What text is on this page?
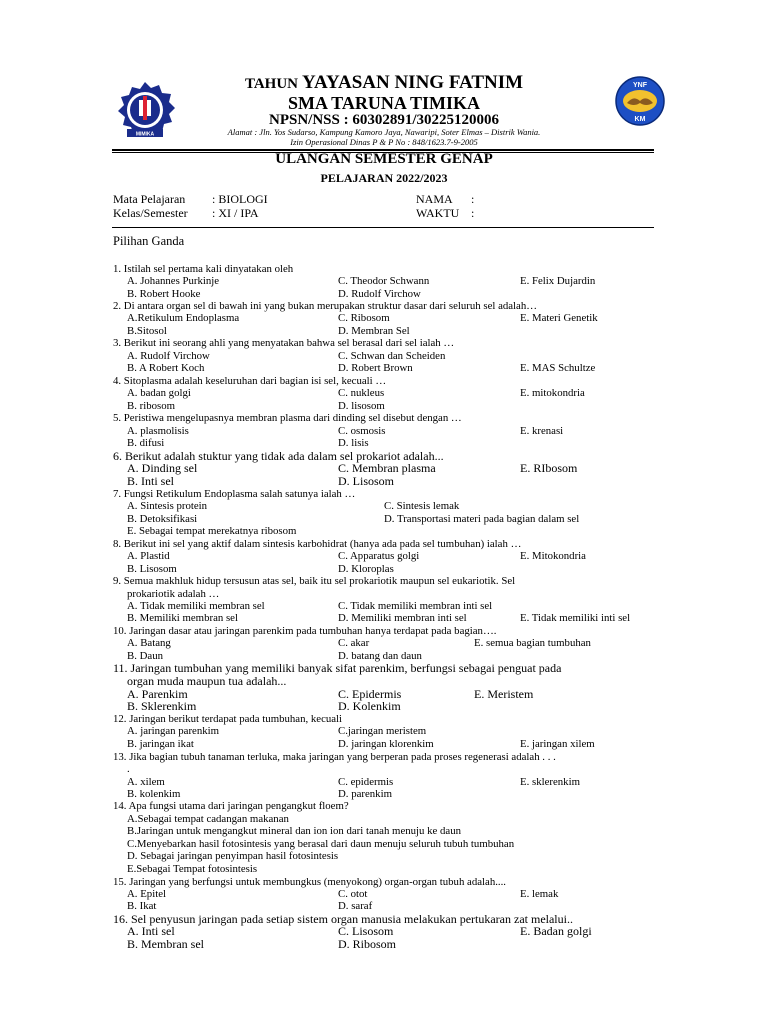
MIMIKA
YNF
KM
TAHUN YAYASAN NING FATNIM
SMA TARUNA TIMIKA
NPSN/NSS : 60302891/30225120006
Alamat : Jln. Yos Sudarso, Kampung Kamoro Jaya, Nawaripi, Soter Elmas – Distrik Wania.
Izin Operasional Dinas P & P No : 848/1623.7-9-2005
ULANGAN SEMESTER GENAP
PELAJARAN 2022/2023
Mata Pelajaran : BIOLOGI
Kelas/Semester : XI / IPA
NAMA :
WAKTU :
Pilihan Ganda
1. Istilah sel pertama kali dinyatakan oleh
A. Johannes Purkinje	C. Theodor Schwann	E. Felix Dujardin
B. Robert Hooke	D. Rudolf Virchow
2. Di antara organ sel di bawah ini yang bukan merupakan struktur dasar dari seluruh sel adalah…
A.Retikulum Endoplasma	C. Ribosom	E. Materi Genetik
B.Sitosol	D. Membran Sel
3. Berikut ini seorang ahli yang menyatakan bahwa sel berasal dari sel ialah …
A. Rudolf Virchow	C. Schwan dan Scheiden
B. A Robert Koch	D. Robert Brown	E. MAS Schultze
4. Sitoplasma adalah keseluruhan dari bagian isi sel, kecuali …
A. badan golgi	C. nukleus	E. mitokondria
B. ribosom	D. lisosom
5. Peristiwa mengelupasnya membran plasma dari dinding sel disebut dengan …
A. plasmolisis	C. osmosis	E. krenasi
B. difusi	D. lisis
6. Berikut adalah stuktur yang tidak ada dalam sel prokariot adalah...
A. Dinding sel	C. Membran plasma	E. RIbosom
B. Inti sel	D. Lisosom
7. Fungsi Retikulum Endoplasma salah satunya ialah …
A. Sintesis protein	C. Sintesis lemak
B. Detoksifikasi	D. Transportasi materi pada bagian dalam sel
E. Sebagai tempat merekatnya ribosom
8. Berikut ini sel yang aktif dalam sintesis karbohidrat (hanya ada pada sel tumbuhan) ialah …
A. Plastid	C. Apparatus golgi	E. Mitokondria
B. Lisosom	D. Kloroplas
9. Semua makhluk hidup tersusun atas sel, baik itu sel prokariotik maupun sel eukariotik. Sel
prokariotik adalah …
A. Tidak memiliki membran sel	C. Tidak memiliki membran inti sel
B. Memiliki membran sel	D. Memiliki membran inti sel	E. Tidak memiliki inti sel
10. Jaringan dasar atau jaringan parenkim pada tumbuhan hanya terdapat pada bagian….
A. Batang	C. akar	E. semua bagian tumbuhan
B. Daun	D. batang dan daun
11. Jaringan tumbuhan yang memiliki banyak sifat parenkim, berfungsi sebagai penguat pada
organ muda maupun tua adalah...
A. Parenkim	C. Epidermis	E. Meristem
B. Sklerenkim	D. Kolenkim
12. Jaringan berikut terdapat pada tumbuhan, kecuali
A. jaringan parenkim	C.jaringan meristem
B. jaringan ikat	D. jaringan klorenkim	E. jaringan xilem
13. Jika bagian tubuh tanaman terluka, maka jaringan yang berperan pada proses regenerasi adalah . . .
.
A. xilem	C. epidermis	E. sklerenkim
B. kolenkim	D. parenkim
14. Apa fungsi utama dari jaringan pengangkut floem?
A.Sebagai tempat cadangan makanan
B.Jaringan untuk mengangkut mineral dan ion ion dari tanah menuju ke daun
C.Menyebarkan hasil fotosintesis yang berasal dari daun menuju seluruh tubuh tumbuhan
D. Sebagai jaringan penyimpan hasil fotosintesis
E.Sebagai Tempat fotosintesis
15. Jaringan yang berfungsi untuk membungkus (menyokong) organ-organ tubuh adalah....
A. Epitel	C. otot	E. lemak
B. Ikat	D. saraf
16. Sel penyusun jaringan pada setiap sistem organ manusia melakukan pertukaran zat melalui..
A. Inti sel	C. Lisosom	E. Badan golgi
B. Membran sel	D. Ribosom
